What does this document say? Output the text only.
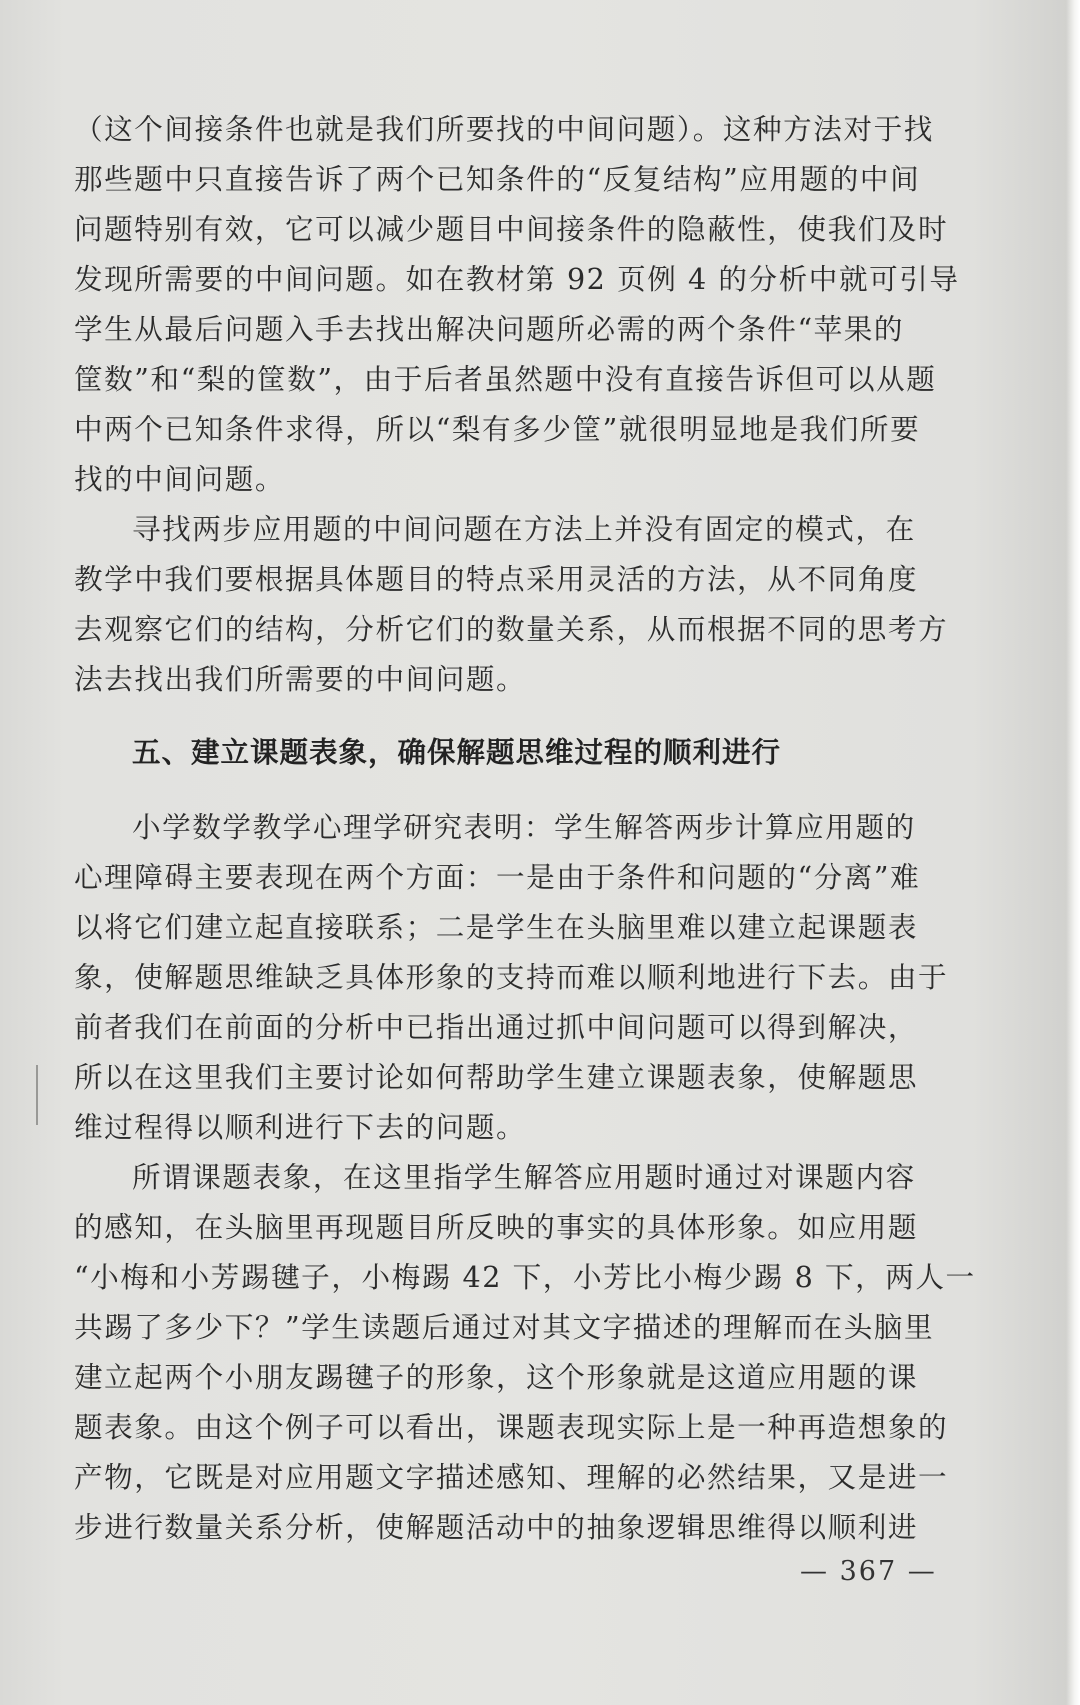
（这个间接条件也就是我们所要找的中间问题）。这种方法对于找
那些题中只直接告诉了两个已知条件的“反复结构”应用题的中间
问题特别有效，它可以减少题目中间接条件的隐蔽性，使我们及时
发现所需要的中间问题。如在教材第 92 页例 4 的分析中就可引导
学生从最后问题入手去找出解决问题所必需的两个条件“苹果的
筐数”和“梨的筐数”，由于后者虽然题中没有直接告诉但可以从题
中两个已知条件求得，所以“梨有多少筐”就很明显地是我们所要
找的中间问题。
寻找两步应用题的中间问题在方法上并没有固定的模式，在
教学中我们要根据具体题目的特点采用灵活的方法，从不同角度
去观察它们的结构，分析它们的数量关系，从而根据不同的思考方
法去找出我们所需要的中间问题。
五、建立课题表象，确保解题思维过程的顺利进行
小学数学教学心理学研究表明：学生解答两步计算应用题的
心理障碍主要表现在两个方面：一是由于条件和问题的“分离”难
以将它们建立起直接联系；二是学生在头脑里难以建立起课题表
象，使解题思维缺乏具体形象的支持而难以顺利地进行下去。由于
前者我们在前面的分析中已指出通过抓中间问题可以得到解决，
所以在这里我们主要讨论如何帮助学生建立课题表象，使解题思
维过程得以顺利进行下去的问题。
所谓课题表象，在这里指学生解答应用题时通过对课题内容
的感知，在头脑里再现题目所反映的事实的具体形象。如应用题
“小梅和小芳踢毽子，小梅踢 42 下，小芳比小梅少踢 8 下，两人一
共踢了多少下？”学生读题后通过对其文字描述的理解而在头脑里
建立起两个小朋友踢毽子的形象，这个形象就是这道应用题的课
题表象。由这个例子可以看出，课题表现实际上是一种再造想象的
产物，它既是对应用题文字描述感知、理解的必然结果，又是进一
步进行数量关系分析，使解题活动中的抽象逻辑思维得以顺利进
— 367 —
